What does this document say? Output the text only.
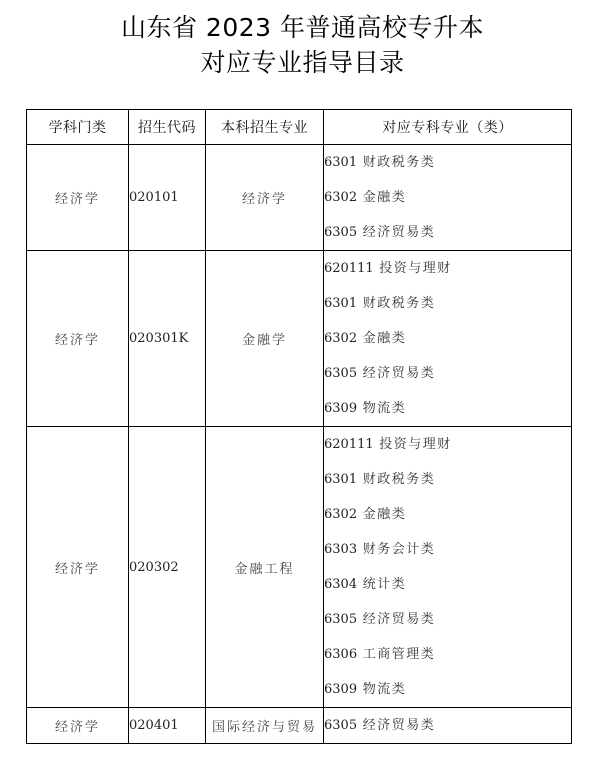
山东省 2023 年普通高校专升本
对应专业指导目录
学科门类	招生代码	本科招生专业	对应专科专业（类）
经济学	020101	经济学	6301 财政税务类
6302 金融类
6305 经济贸易类

经济学	020301K	金融学	620111 投资与理财
6301 财政税务类
6302 金融类
6305 经济贸易类
6309 物流类

经济学	020302	金融工程	
620111 投资与理财
6301 财政税务类
6302 金融类
6303 财务会计类
6304 统计类
6305 经济贸易类
6306 工商管理类
6309 物流类

经济学	020401	国际经济与贸易	6305 经济贸易类
